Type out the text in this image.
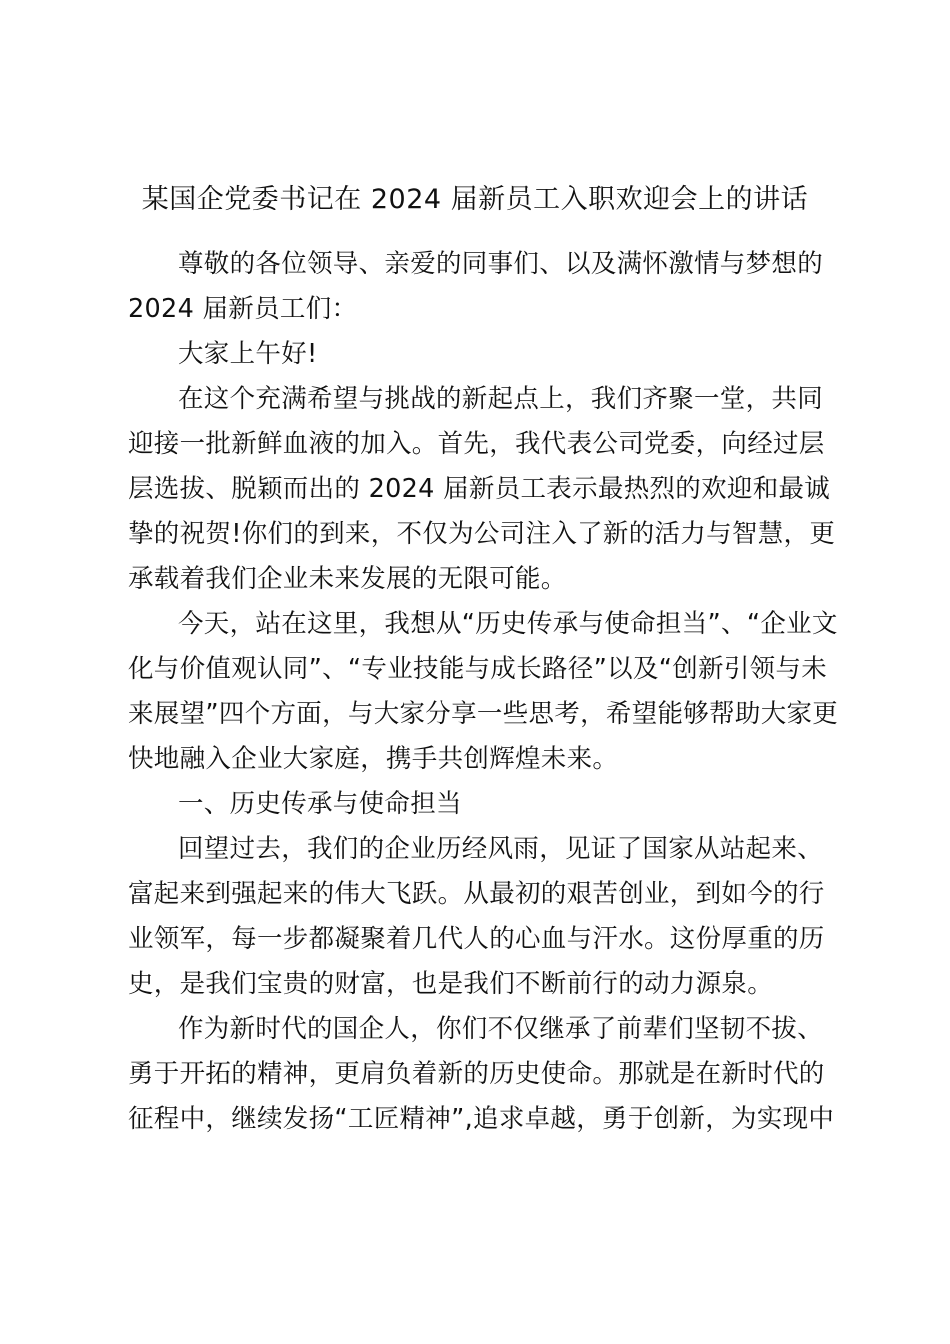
某国企党委书记在 2024 届新员工入职欢迎会上的讲话

尊敬的各位领导、亲爱的同事们、以及满怀激情与梦想的

2024 届新员工们：

大家上午好!

在这个充满希望与挑战的新起点上，我们齐聚一堂，共同

迎接一批新鲜血液的加入。首先，我代表公司党委，向经过层

层选拔、脱颖而出的 2024 届新员工表示最热烈的欢迎和最诚

挚的祝贺!你们的到来，不仅为公司注入了新的活力与智慧，更

承载着我们企业未来发展的无限可能。

今天，站在这里，我想从“历史传承与使命担当”、“企业文

化与价值观认同”、“专业技能与成长路径”以及“创新引领与未

来展望”四个方面，与大家分享一些思考，希望能够帮助大家更

快地融入企业大家庭，携手共创辉煌未来。

一、历史传承与使命担当

回望过去，我们的企业历经风雨，见证了国家从站起来、

富起来到强起来的伟大飞跃。从最初的艰苦创业，到如今的行

业领军，每一步都凝聚着几代人的心血与汗水。这份厚重的历

史，是我们宝贵的财富，也是我们不断前行的动力源泉。

作为新时代的国企人，你们不仅继承了前辈们坚韧不拔、

勇于开拓的精神，更肩负着新的历史使命。那就是在新时代的

征程中，继续发扬“工匠精神”,追求卓越，勇于创新，为实现中
